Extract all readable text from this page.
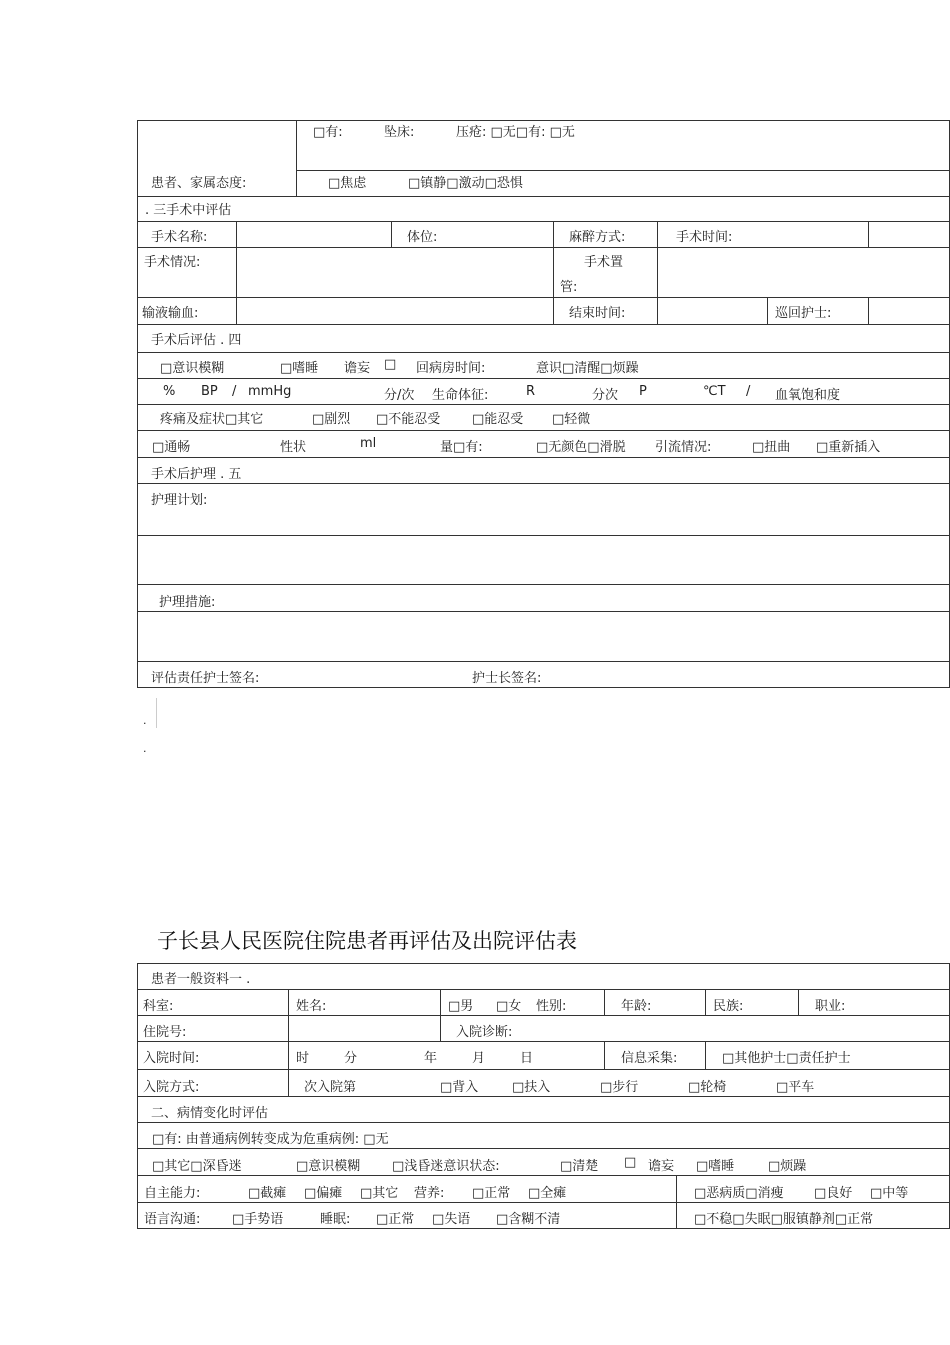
□有:	坠床:	压疮: □无□有: □无
患者、家属态度:	□焦虑	□镇静□激动□恐惧
. 三手术中评估
手术名称:	体位:	麻醉方式:	手术时间:
手术情况:	手术置
管:
输液输血:	结束时间:	巡回护士:
手术后评估 . 四
□意识模糊	□嗜睡 谵妄 □ 回病房时间:	意识□清醒□烦躁
% BP / mmHg	分/次 生命体征:	R	分次 P	℃T / 血氧饱和度
疼痛及症状□其它	□剧烈 □不能忍受 □能忍受 □轻微
□通畅	性状	ml	量□有:	□无颜色□滑脱 引流情况:	□扭曲 □重新插入
手术后护理 . 五
护理计划:
护理措施:
评估责任护士签名:	护士长签名:
.
.
子长县人民医院住院患者再评估及出院评估表
患者一般资料一 .
科室:	姓名:	□男 □女 性别:	年龄:	民族:	职业:
住院号:	入院诊断:
入院时间:	时	分	年	月	日	信息采集:	□其他护士□责任护士
入院方式:	次入院第	□背入	□扶入	□步行	□轮椅	□平车
二、病情变化时评估
□有: 由普通病例转变成为危重病例: □无
□其它□深昏迷	□意识模糊 □浅昏迷意识状态:	□清楚 □ 谵妄 □嗜睡	□烦躁
自主能力:	□截瘫 □偏瘫 □其它 营养: □正常 □全瘫	□恶病质□消瘦 □良好 □中等
语言沟通: □手势语	睡眠: □正常 □失语 □含糊不清	□不稳□失眠□服镇静剂□正常
